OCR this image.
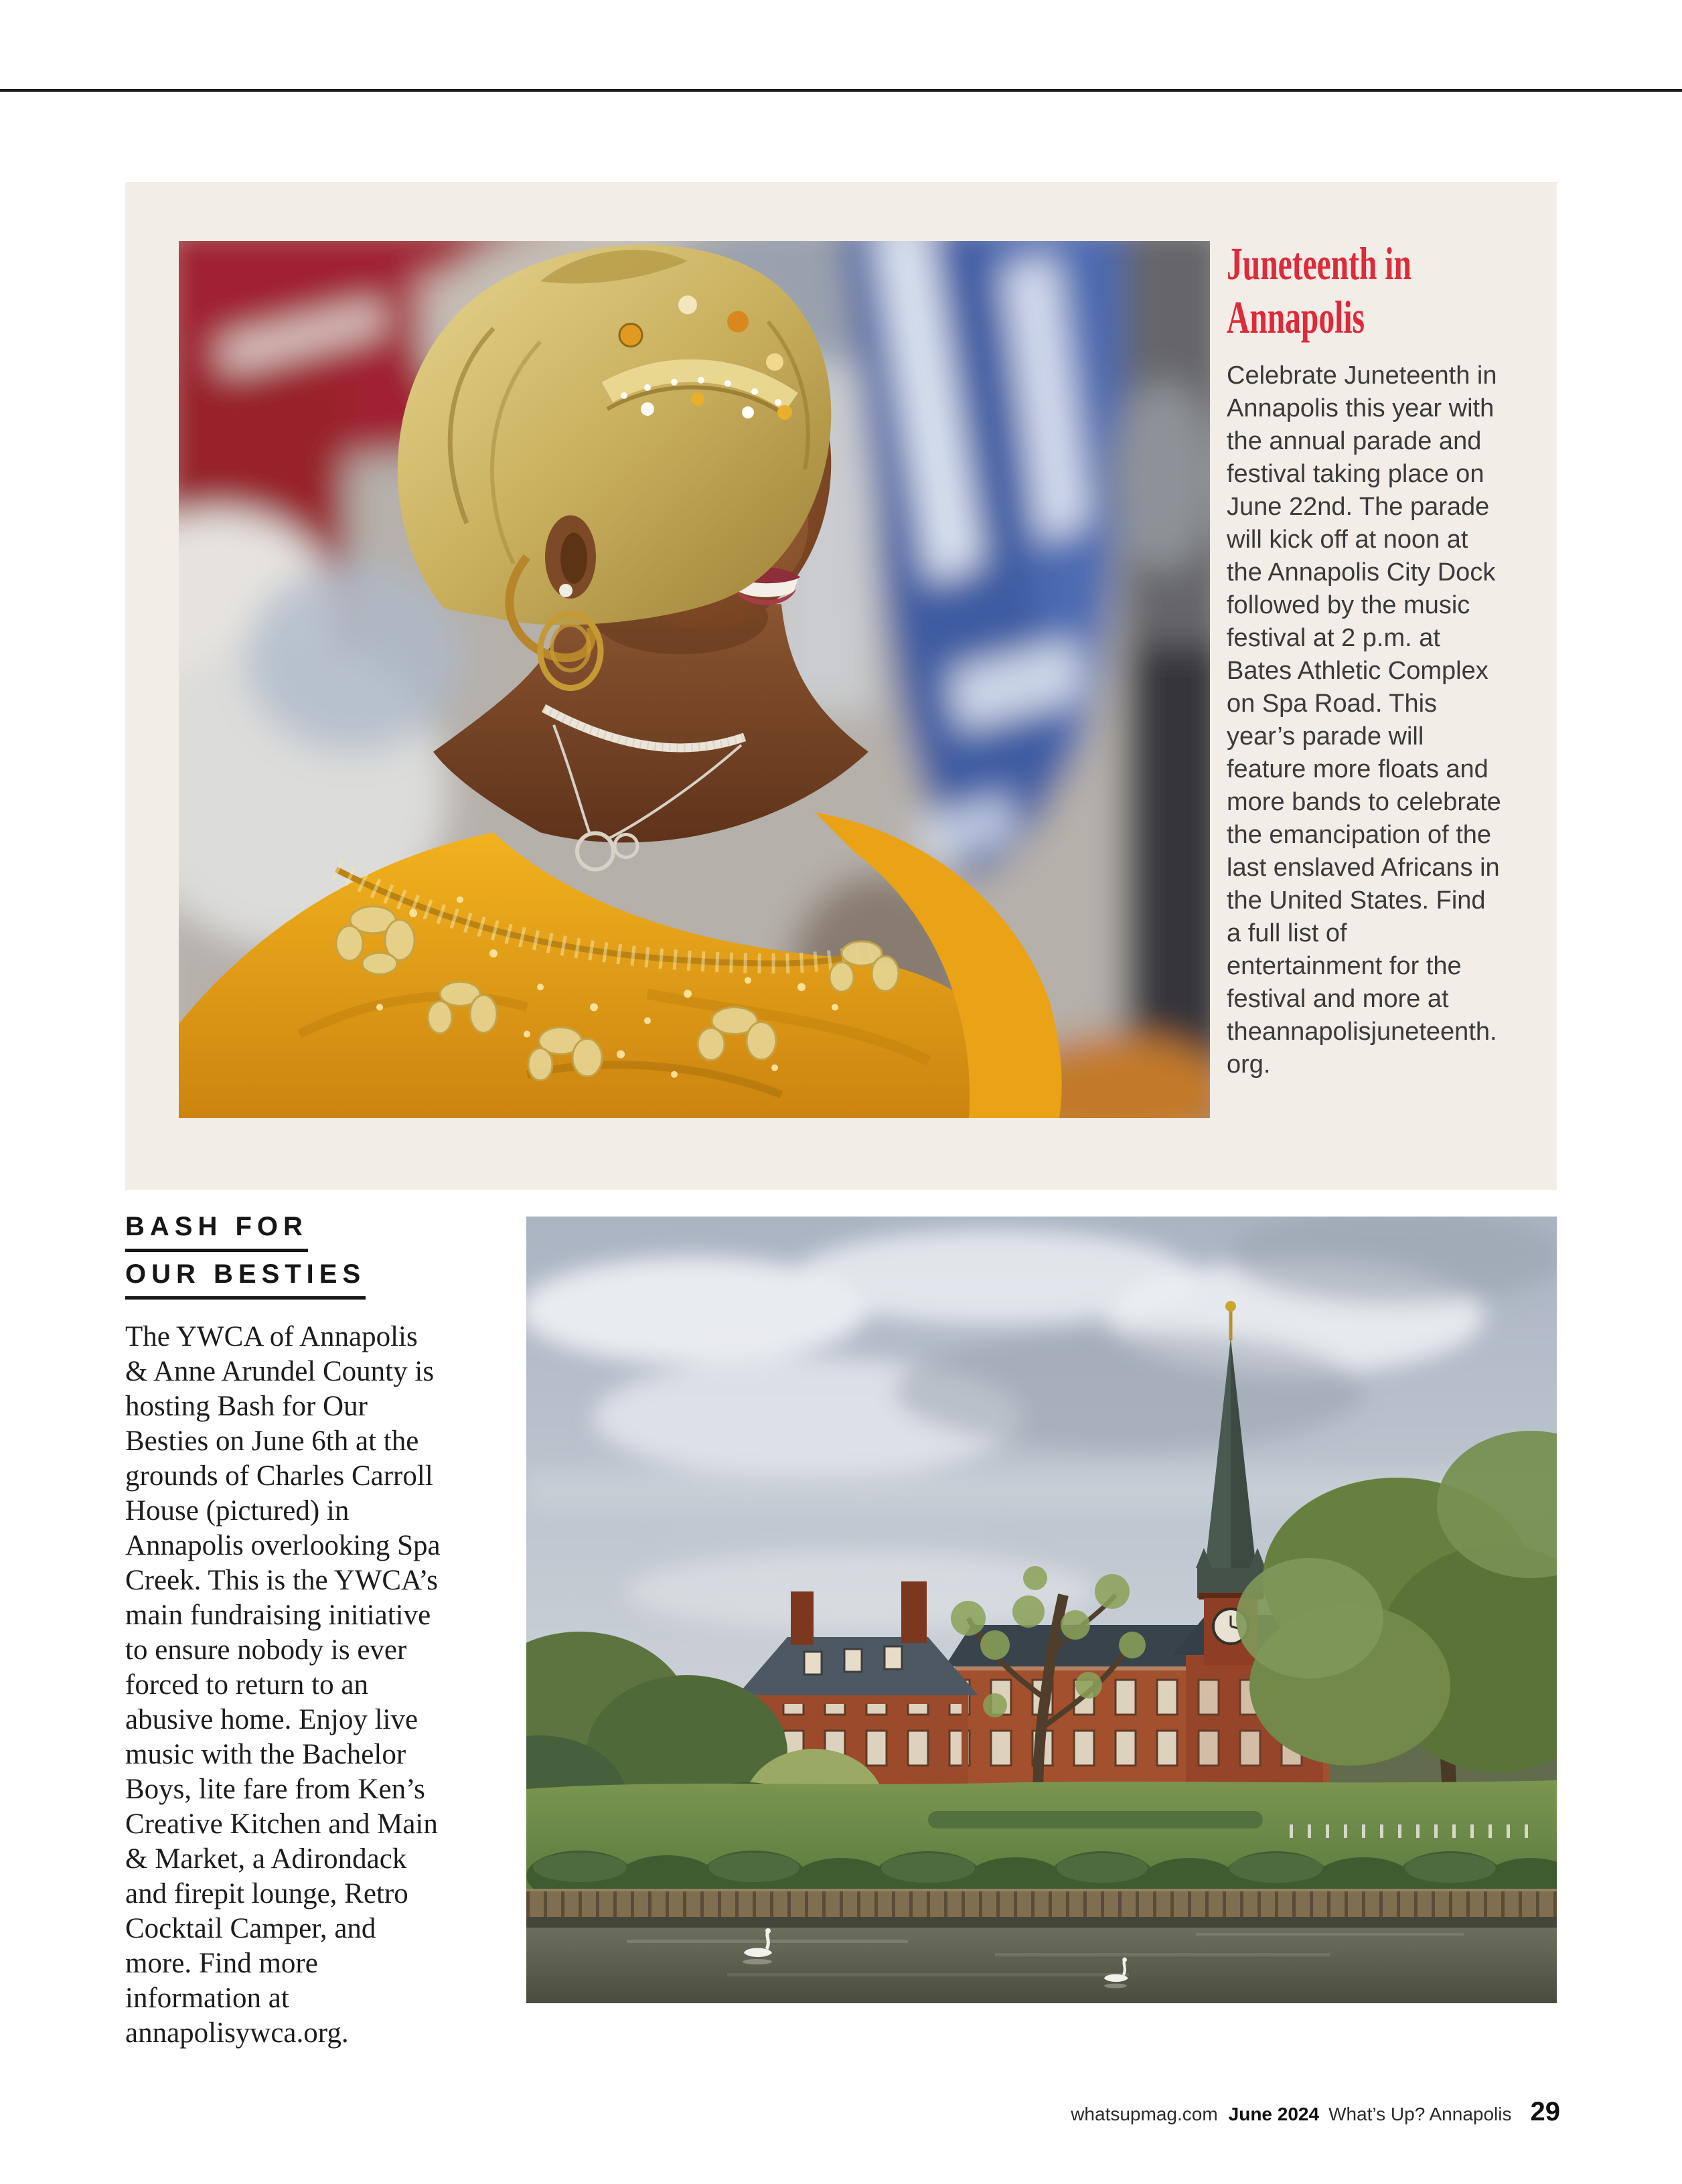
Juneteenth in Annapolis

Celebrate Juneteenth in Annapolis this year with the annual parade and festival taking place on June 22nd. The parade will kick off at noon at the Annapolis City Dock followed by the music festival at 2 p.m. at Bates Athletic Complex on Spa Road. This year’s parade will feature more floats and more bands to celebrate the emancipation of the last enslaved Africans in the United States. Find a full list of entertainment for the festival and more at theannapolisjuneteenth.org.

BASH FOR
OUR BESTIES

The YWCA of Annapolis & Anne Arundel County is hosting Bash for Our Besties on June 6th at the grounds of Charles Carroll House (pictured) in Annapolis overlooking Spa Creek. This is the YWCA’s main fundraising initiative to ensure nobody is ever forced to return to an abusive home. Enjoy live music with the Bachelor Boys, lite fare from Ken’s Creative Kitchen and Main & Market, a Adirondack and firepit lounge, Retro Cocktail Camper, and more. Find more information at annapolisywca.org.

whatsupmag.com June 2024 What’s Up? Annapolis 29
